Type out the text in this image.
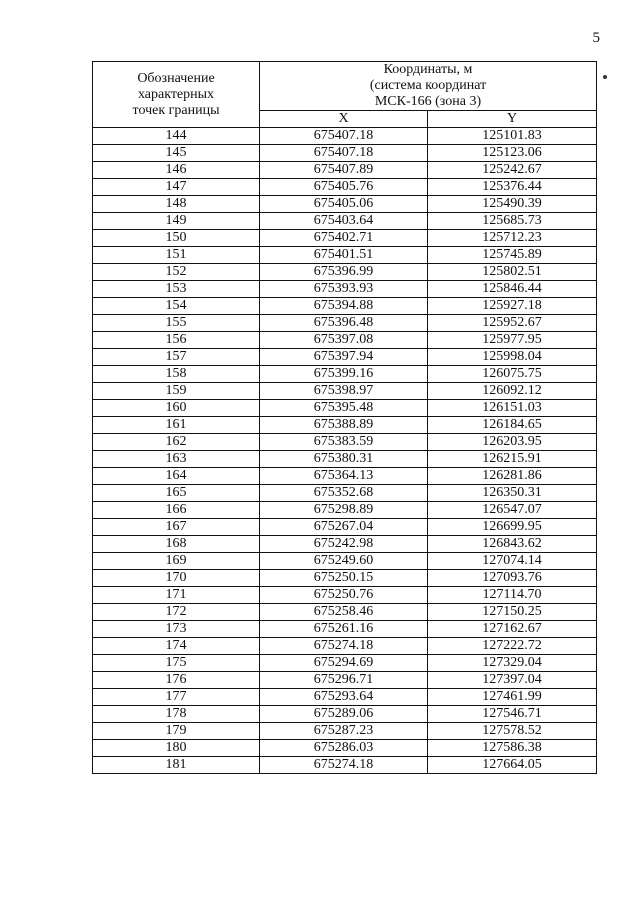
5
Обозначение
характерных
точек границы	Координаты, м
(система координат
МСК-166 (зона 3)	
	X	Y
144	675407.18	125101.83
145	675407.18	125123.06
146	675407.89	125242.67
147	675405.76	125376.44
148	675405.06	125490.39
149	675403.64	125685.73
150	675402.71	125712.23
151	675401.51	125745.89
152	675396.99	125802.51
153	675393.93	125846.44
154	675394.88	125927.18
155	675396.48	125952.67
156	675397.08	125977.95
157	675397.94	125998.04
158	675399.16	126075.75
159	675398.97	126092.12
160	675395.48	126151.03
161	675388.89	126184.65
162	675383.59	126203.95
163	675380.31	126215.91
164	675364.13	126281.86
165	675352.68	126350.31
166	675298.89	126547.07
167	675267.04	126699.95
168	675242.98	126843.62
169	675249.60	127074.14
170	675250.15	127093.76
171	675250.76	127114.70
172	675258.46	127150.25
173	675261.16	127162.67
174	675274.18	127222.72
175	675294.69	127329.04
176	675296.71	127397.04
177	675293.64	127461.99
178	675289.06	127546.71
179	675287.23	127578.52
180	675286.03	127586.38
181	675274.18	127664.05
